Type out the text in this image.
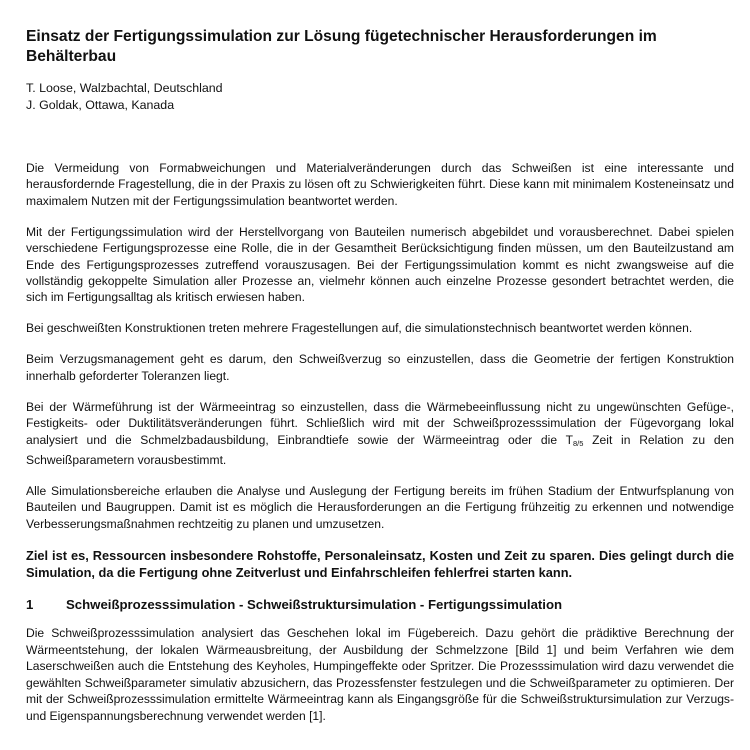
Einsatz der Fertigungssimulation zur Lösung fügetechnischer Herausforderungen im Behälterbau

T. Loose, Walzbachtal, Deutschland

J. Goldak, Ottawa, Kanada

Die Vermeidung von Formabweichungen und Materialveränderungen durch das Schweißen ist eine interessante und herausfordernde Fragestellung, die in der Praxis zu lösen oft zu Schwierigkeiten führt. Diese kann mit minimalem Kosteneinsatz und maximalem Nutzen mit der Fertigungssimulation beantwortet werden.

Mit der Fertigungssimulation wird der Herstellvorgang von Bauteilen numerisch abgebildet und vorausberechnet. Dabei spielen verschiedene Fertigungsprozesse eine Rolle, die in der Gesamtheit Berücksichtigung finden müssen, um den Bauteilzustand am Ende des Fertigungsprozesses zutreffend vorauszusagen. Bei der Fertigungssimulation kommt es nicht zwangsweise auf die vollständig gekoppelte Simulation aller Prozesse an, vielmehr können auch einzelne Prozesse gesondert betrachtet werden, die sich im Fertigungsalltag als kritisch erwiesen haben.

Bei geschweißten Konstruktionen treten mehrere Fragestellungen auf, die simulationstechnisch beantwortet werden können.

Beim Verzugsmanagement geht es darum, den Schweißverzug so einzustellen, dass die Geometrie der fertigen Konstruktion innerhalb geforderter Toleranzen liegt.

Bei der Wärmeführung ist der Wärmeeintrag so einzustellen, dass die Wärmebeeinflussung nicht zu ungewünschten Gefüge-, Festigkeits- oder Duktilitätsveränderungen führt. Schließlich wird mit der Schweißprozesssimulation der Fügevorgang lokal analysiert und die Schmelzbadausbildung, Einbrandtiefe sowie der Wärmeeintrag oder die $T_{8/5}$ Zeit in Relation zu den Schweißparametern vorausbestimmt.

Alle Simulationsbereiche erlauben die Analyse und Auslegung der Fertigung bereits im frühen Stadium der Entwurfsplanung von Bauteilen und Baugruppen. Damit ist es möglich die Herausforderungen an die Fertigung frühzeitig zu erkennen und notwendige Verbesserungsmaßnahmen rechtzeitig zu planen und umzusetzen.

Ziel ist es, Ressourcen insbesondere Rohstoffe, Personaleinsatz, Kosten und Zeit zu sparen. Dies gelingt durch die Simulation, da die Fertigung ohne Zeitverlust und Einfahrschleifen fehlerfrei starten kann.

1	Schweißprozesssimulation - Schweißstruktursimulation - Fertigungssimulation

Die Schweißprozesssimulation analysiert das Geschehen lokal im Fügebereich. Dazu gehört die prädiktive Berechnung der Wärmeentstehung, der lokalen Wärmeausbreitung, der Ausbildung der Schmelzzone [Bild 1] und beim Verfahren wie dem Laserschweißen auch die Entstehung des Keyholes, Humpingeffekte oder Spritzer. Die Prozesssimulation wird dazu verwendet die gewählten Schweißparameter simulativ abzusichern, das Prozessfenster festzulegen und die Schweißparameter zu optimieren. Der mit der Schweißprozesssimulation ermittelte Wärmeeintrag kann als Eingangsgröße für die Schweißstruktursimulation zur Verzugs- und Eigenspannungsberechnung verwendet werden [1].
